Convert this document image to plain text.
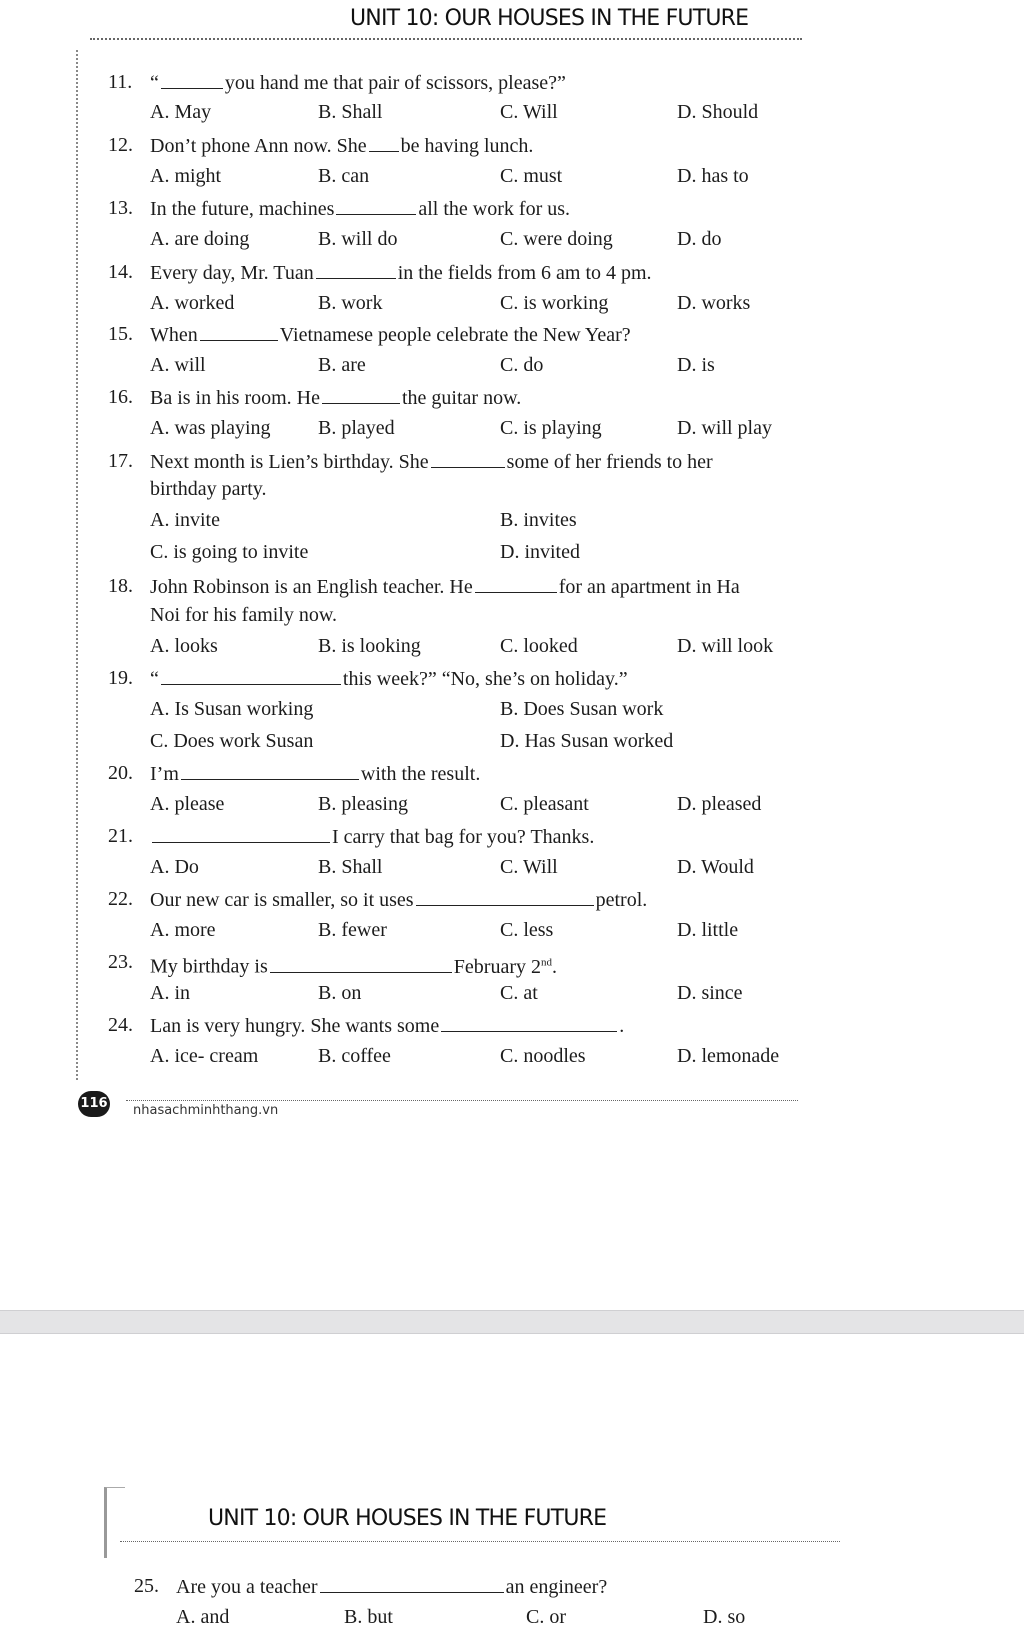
UNIT 10: OUR HOUSES IN THE FUTURE
11. “	you hand me that pair of scissors, please?”
A. May	B. Shall	C. Will	D. Should
12. Don’t phone Ann now. She be having lunch.
A. might	B. can	C. must	D. has to
13. In the future, machines	all the work for us.
A. are doing	B. will do	C. were doing	D. do
14. Every day, Mr. Tuan	in the fields from 6 am to 4 pm.
A. worked	B. work	C. is working	D. works
15. When	Vietnamese people celebrate the New Year?
A. will	B. are	C. do	D. is
16. Ba is in his room. He	the guitar now.
A. was playing B. played	C. is playing	D. will play
17. Next month is Lien’s birthday. She	some of her friends to her
birthday party.
A. invite	B. invites
C. is going to invite	D. invited
18. John Robinson is an English teacher. He	for an apartment in Ha
Noi for his family now.
A. looks	B. is looking	C. looked	D. will look
19. “	this week?” “No, she’s on holiday.”
A. Is Susan working	B. Does Susan work
C. Does work Susan	D. Has Susan worked
20. I’m	with the result.
A. please	B. pleasing	C. pleasant	D. pleased
21.	I carry that bag for you? Thanks.
A. Do	B. Shall	C. Will	D. Would
22. Our new car is smaller, so it uses	petrol.
A. more	B. fewer	C. less	D. little
23. My birthday is	February 2nd.
A. in	B. on	C. at	D. since
24. Lan is very hungry. She wants some	.
A. ice- cream	B. coffee	C. noodles	D. lemonade
25. Are you a teacher	an engineer?
A. and	B. but	C. or	D. so
116 nhasachminhthang.vn
UNIT 10: OUR HOUSES IN THE FUTURE
